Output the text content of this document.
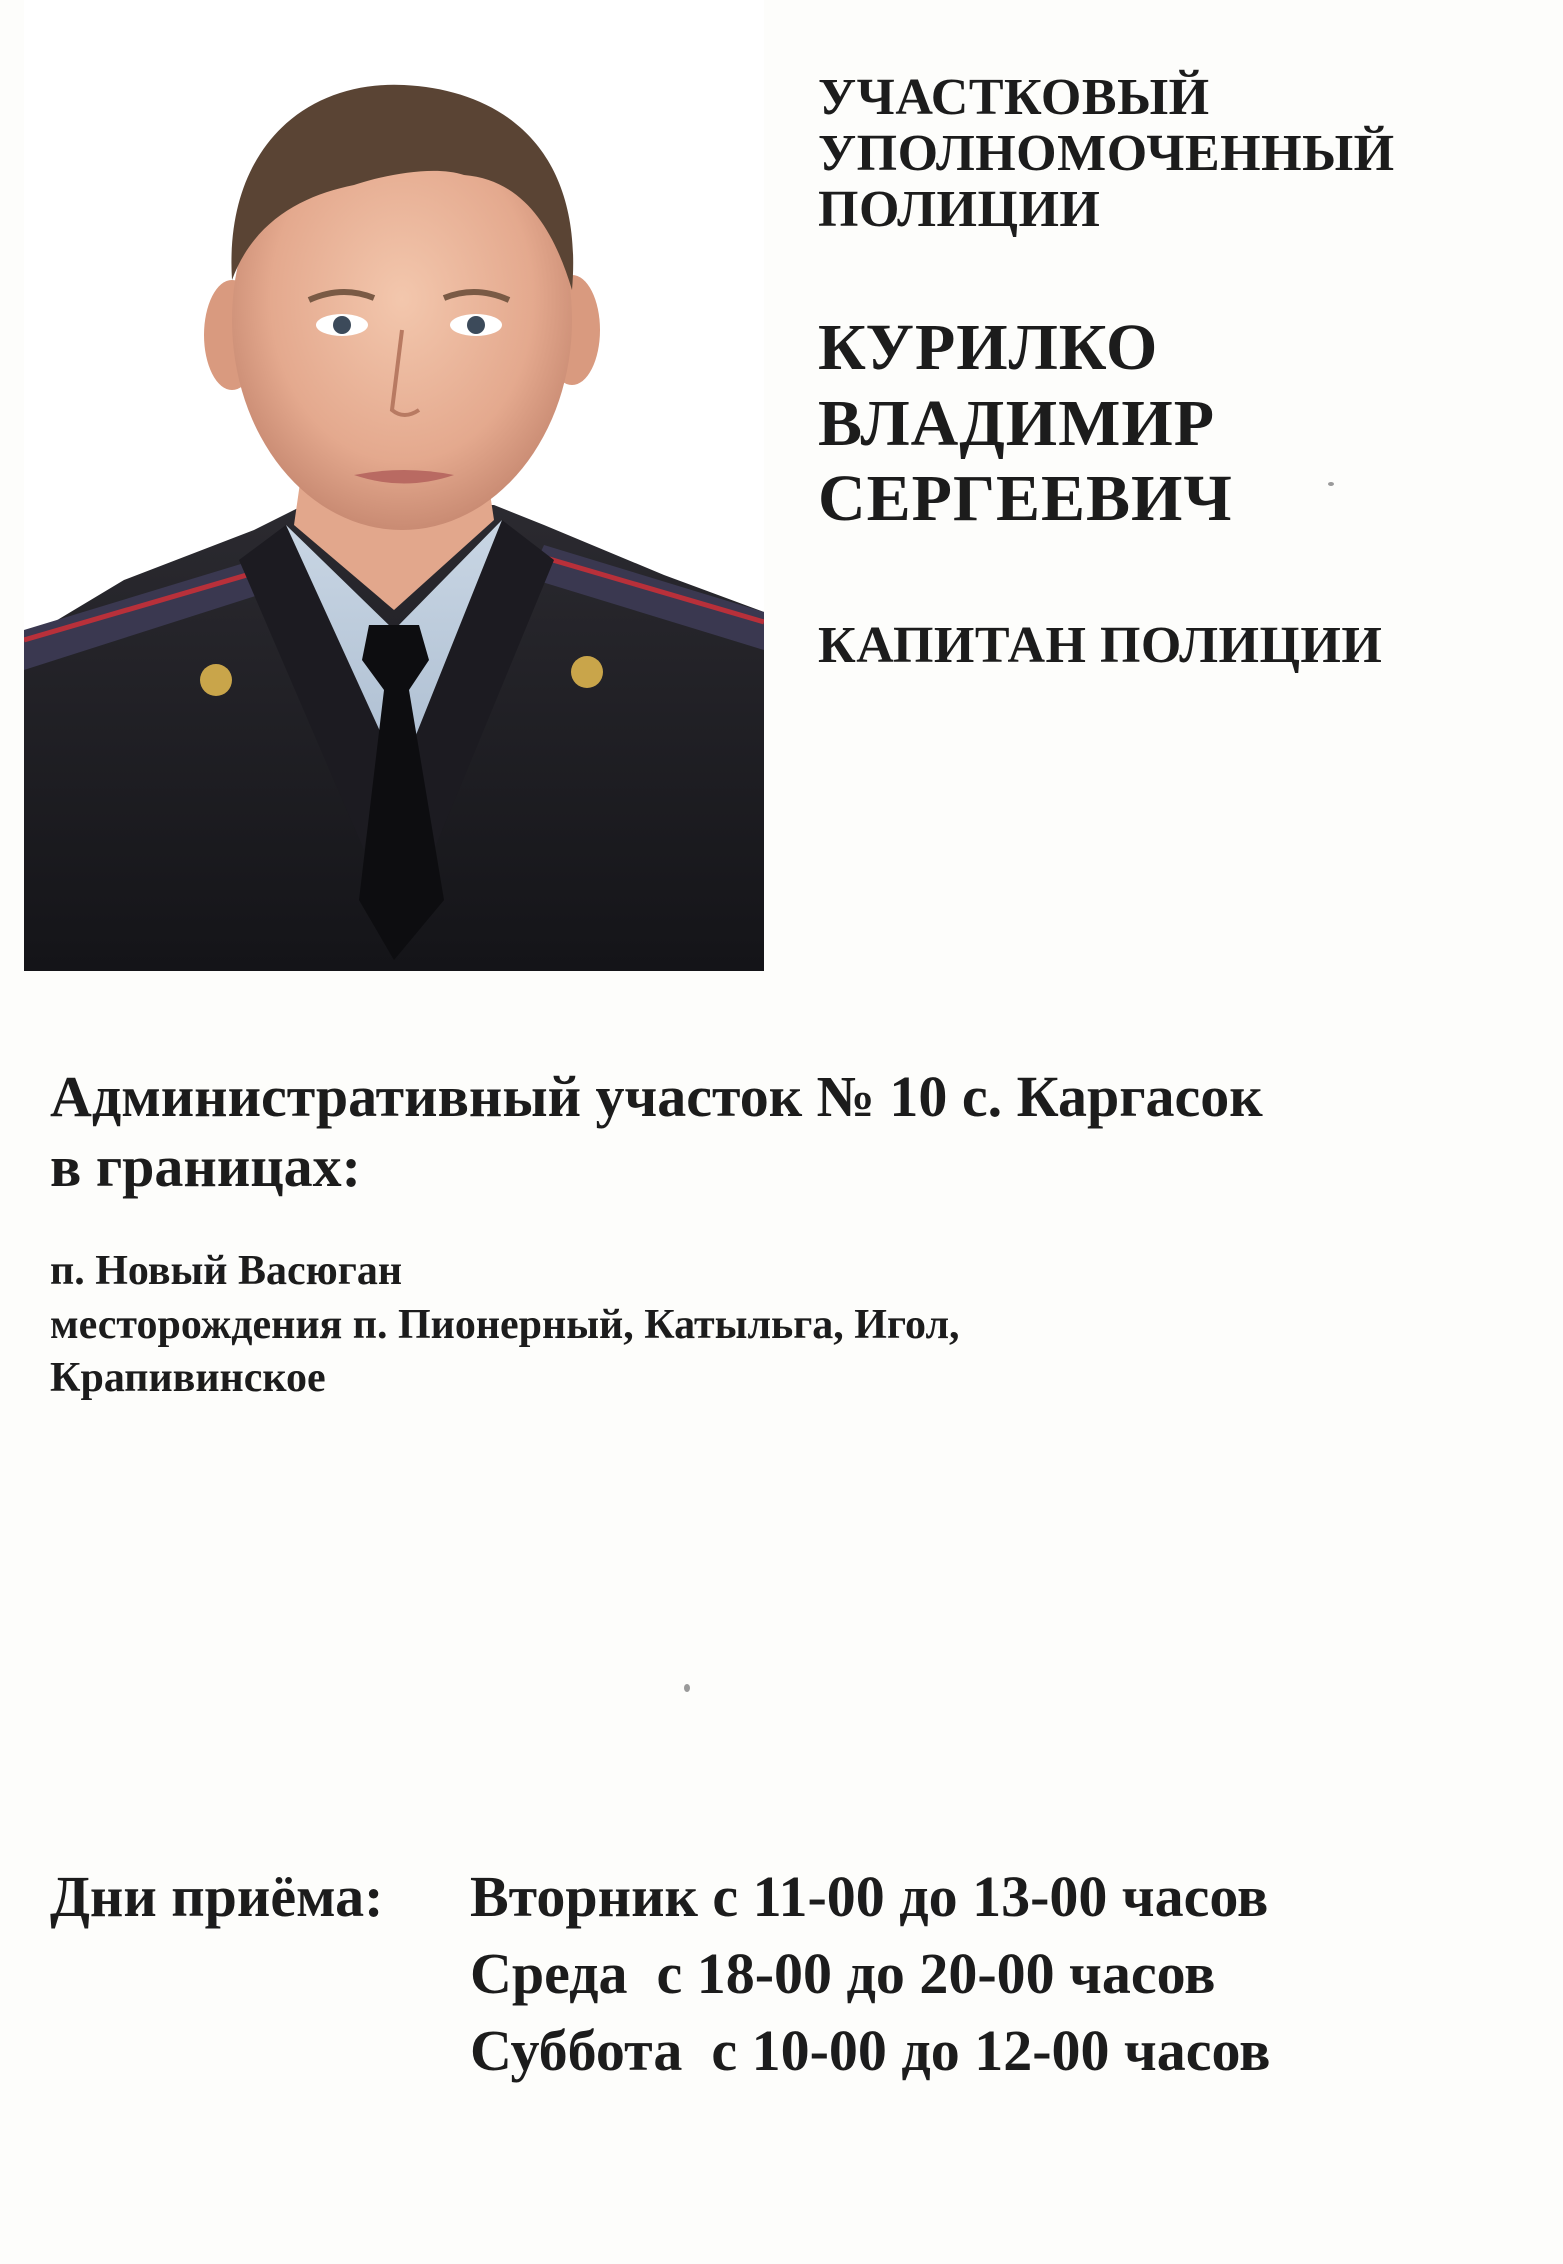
УЧАСТКОВЫЙ

УПОЛНОМОЧЕННЫЙ

ПОЛИЦИИ

КУРИЛКО

ВЛАДИМИР

СЕРГЕЕВИЧ

КАПИТАН ПОЛИЦИИ

Административный участок № 10 с. Каргасок

в границах:

п. Новый Васюган

месторождения п. Пионерный, Катыльга, Игол,

Крапивинское

Дни приёма:	Вторник с 11-00 до 13-00 часов

Среда  с 18-00 до 20-00 часов

Суббота  с 10-00 до 12-00 часов
